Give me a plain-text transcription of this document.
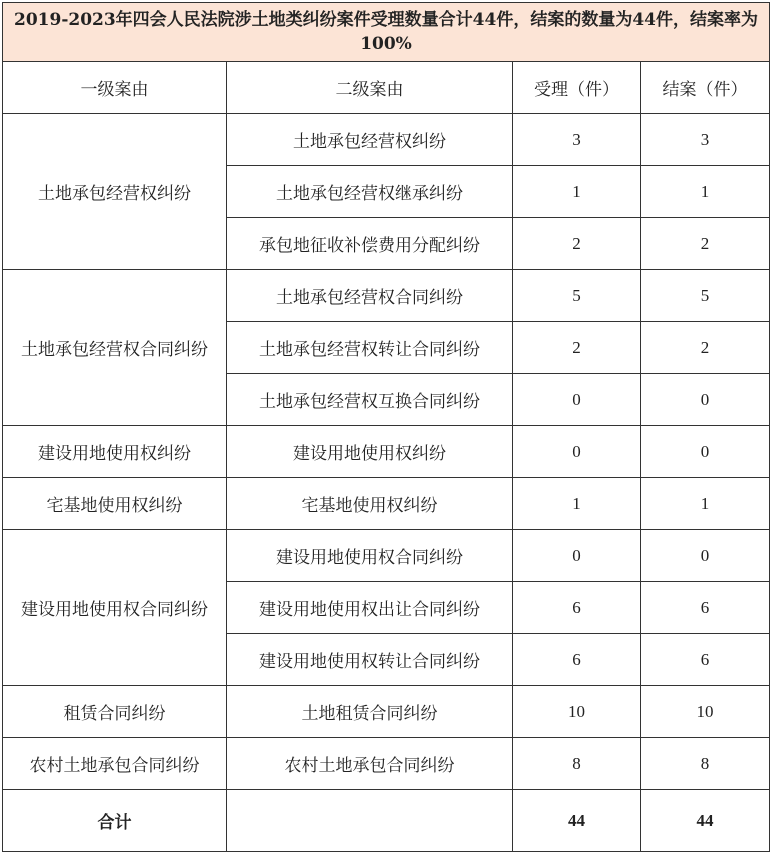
2019-2023年四会人民法院涉土地类纠纷案件受理数量合计44件，结案的数量为44件，结案率为100%			
一级案由	二级案由	受理（件）	结案（件）
土地承包经营权纠纷	土地承包经营权纠纷	3	3
	土地承包经营权继承纠纷	1	1
	承包地征收补偿费用分配纠纷	2	2
土地承包经营权合同纠纷	土地承包经营权合同纠纷	5	5
	土地承包经营权转让合同纠纷	2	2
	土地承包经营权互换合同纠纷	0	0
建设用地使用权纠纷	建设用地使用权纠纷	0	0
宅基地使用权纠纷	宅基地使用权纠纷	1	1
建设用地使用权合同纠纷	建设用地使用权合同纠纷	0	0
	建设用地使用权出让合同纠纷	6	6
	建设用地使用权转让合同纠纷	6	6
租赁合同纠纷	土地租赁合同纠纷	10	10
农村土地承包合同纠纷	农村土地承包合同纠纷	8	8
合计		44	44
